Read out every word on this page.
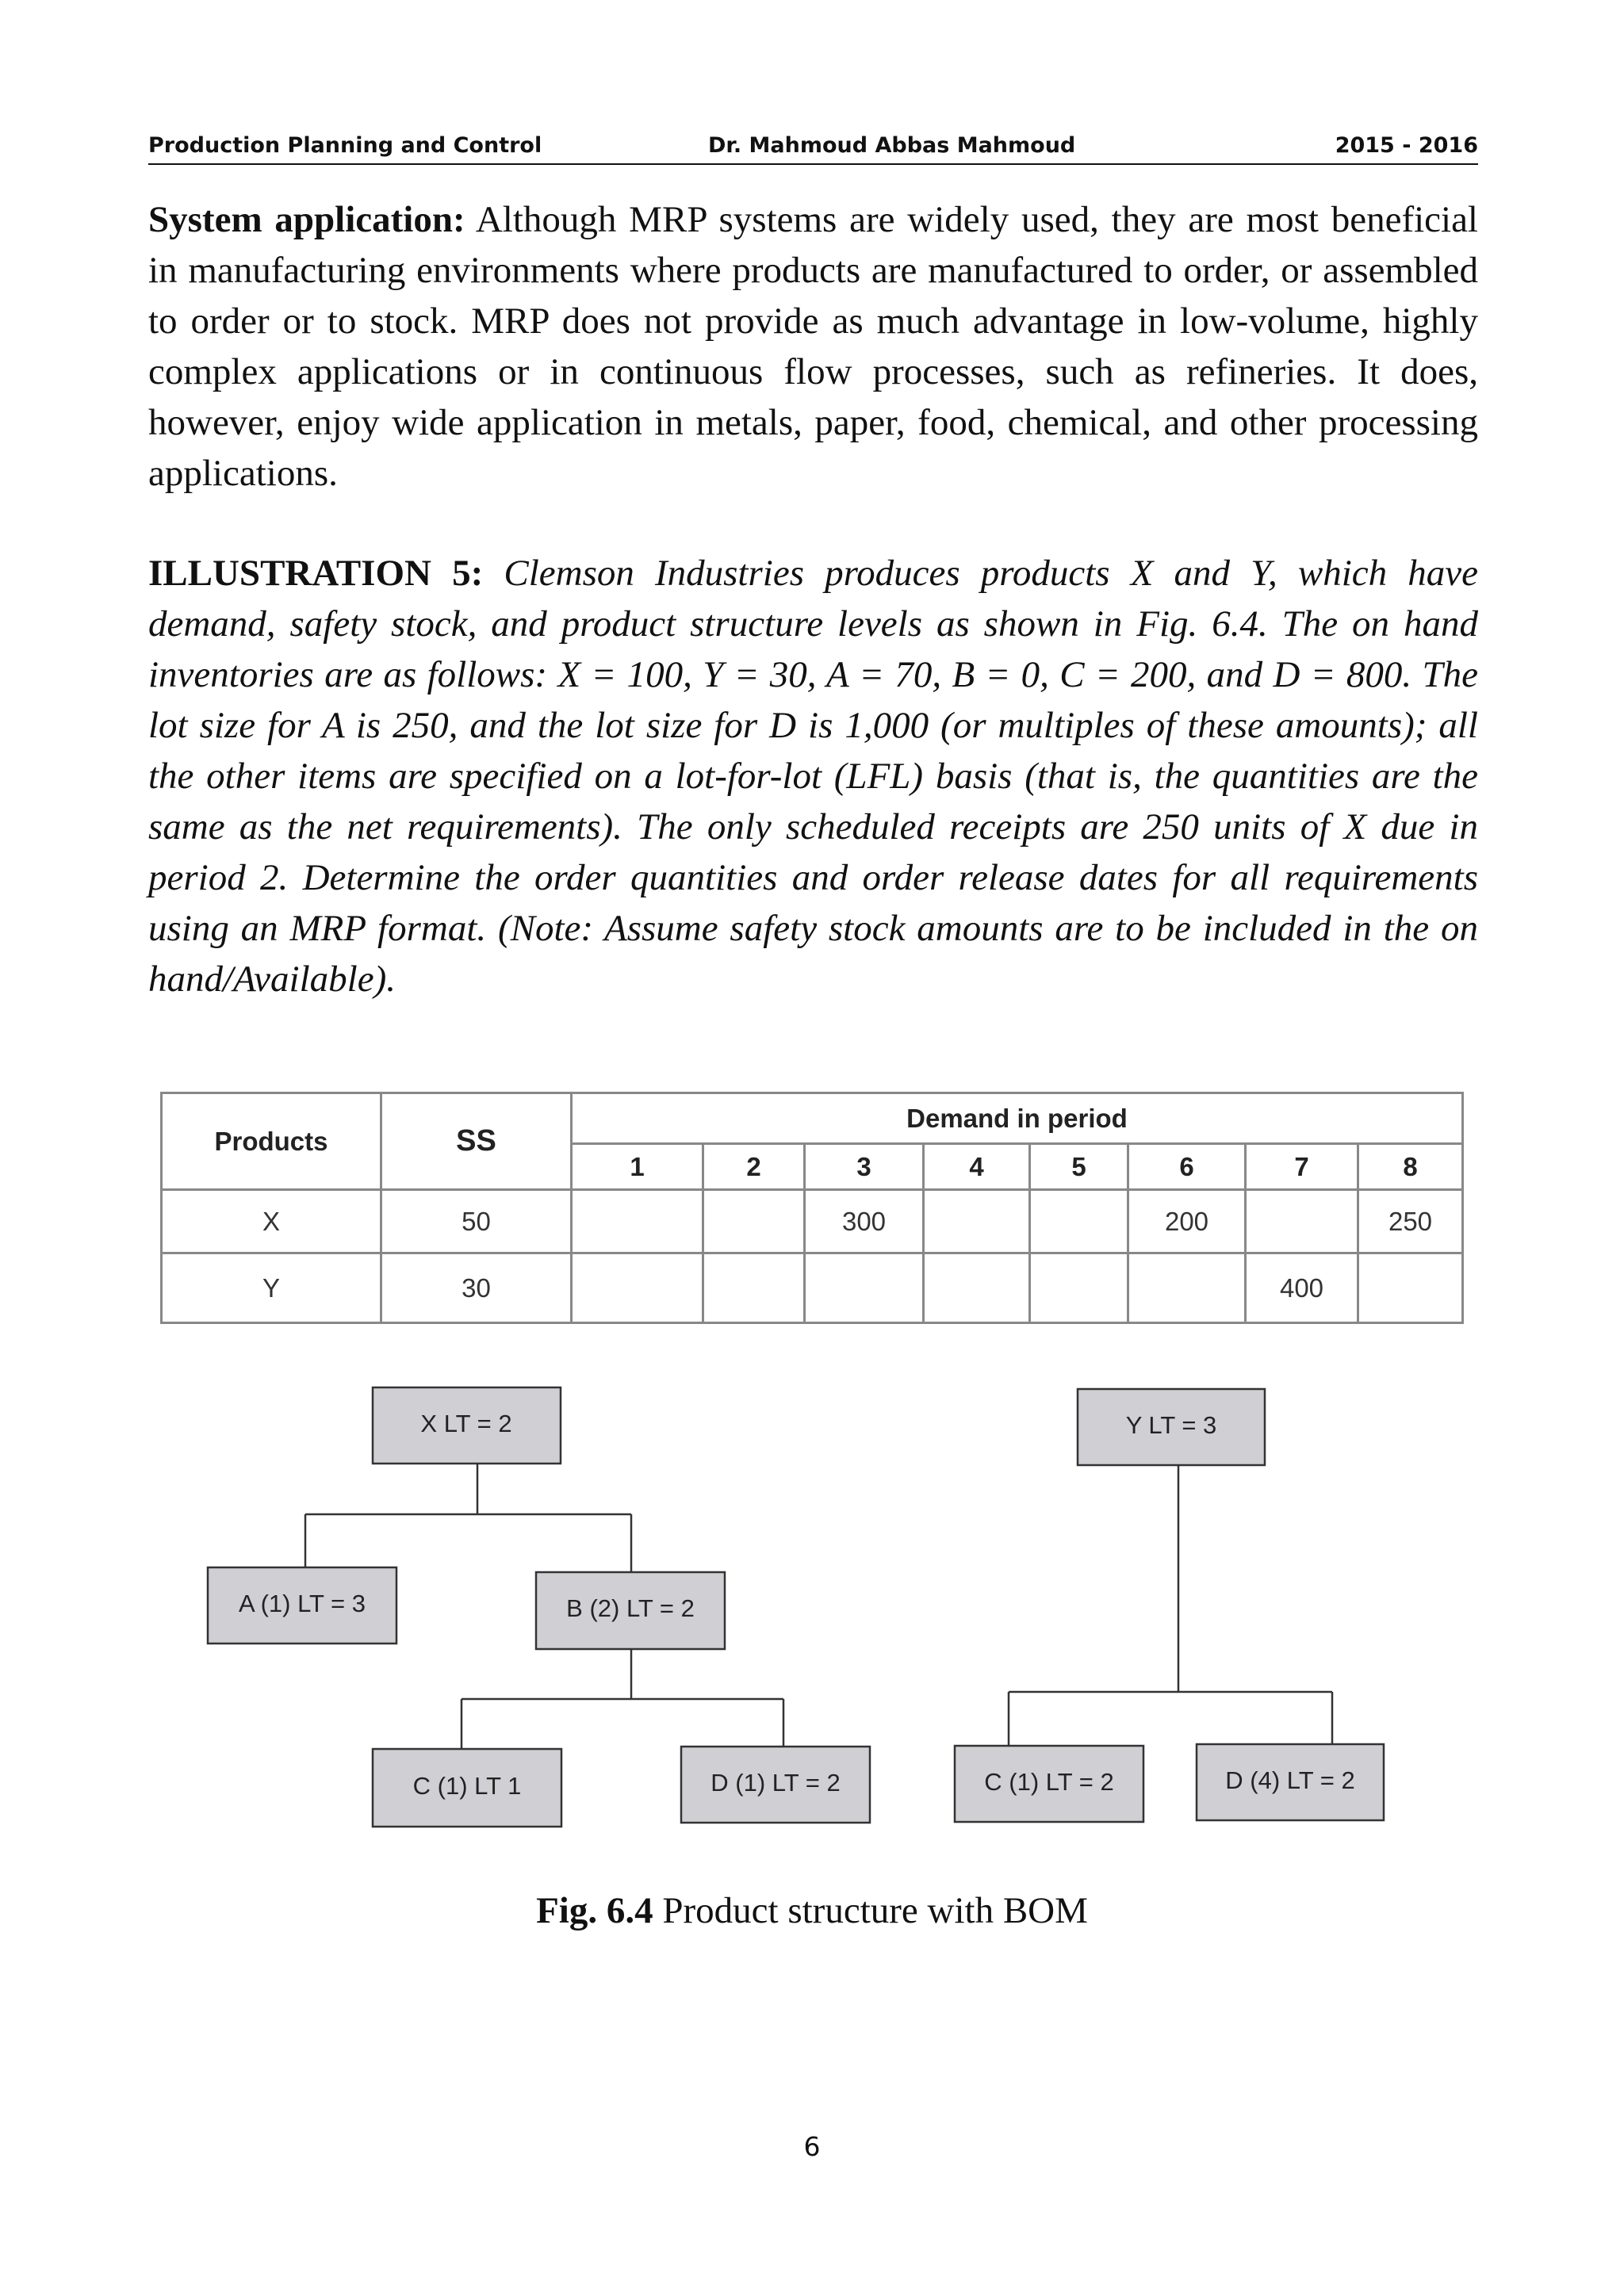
Production Planning and Control	Dr. Mahmoud Abbas Mahmoud	2015 - 2016

System application: Although MRP systems are widely used, they are most beneficial in manufacturing environments where products are manufactured to order, or assembled to order or to stock. MRP does not provide as much advantage in low-volume, highly complex applications or in continuous flow processes, such as refineries. It does, however, enjoy wide application in metals, paper, food, chemical, and other processing applications.

ILLUSTRATION 5: Clemson Industries produces products X and Y, which have demand, safety stock, and product structure levels as shown in Fig. 6.4. The on hand inventories are as follows: X = 100, Y = 30, A = 70, B = 0, C = 200, and D = 800. The lot size for A is 250, and the lot size for D is 1,000 (or multiples of these amounts); all the other items are specified on a lot-for-lot (LFL) basis (that is, the quantities are the same as the net requirements). The only scheduled receipts are 250 units of X due in period 2. Determine the order quantities and order release dates for all requirements using an MRP format. (Note: Assume safety stock amounts are to be included in the on hand/Available).

Products	SS	Demand in period							
		1	2	3	4	5	6	7	8
X	50			300			200		250
Y	30							400	
X LT = 2
A (1) LT = 3	B (2) LT = 2
C (1) LT 1	D (1) LT = 2
Y LT = 3
C (1) LT = 2	D (4) LT = 2
Fig. 6.4 Product structure with BOM
6
